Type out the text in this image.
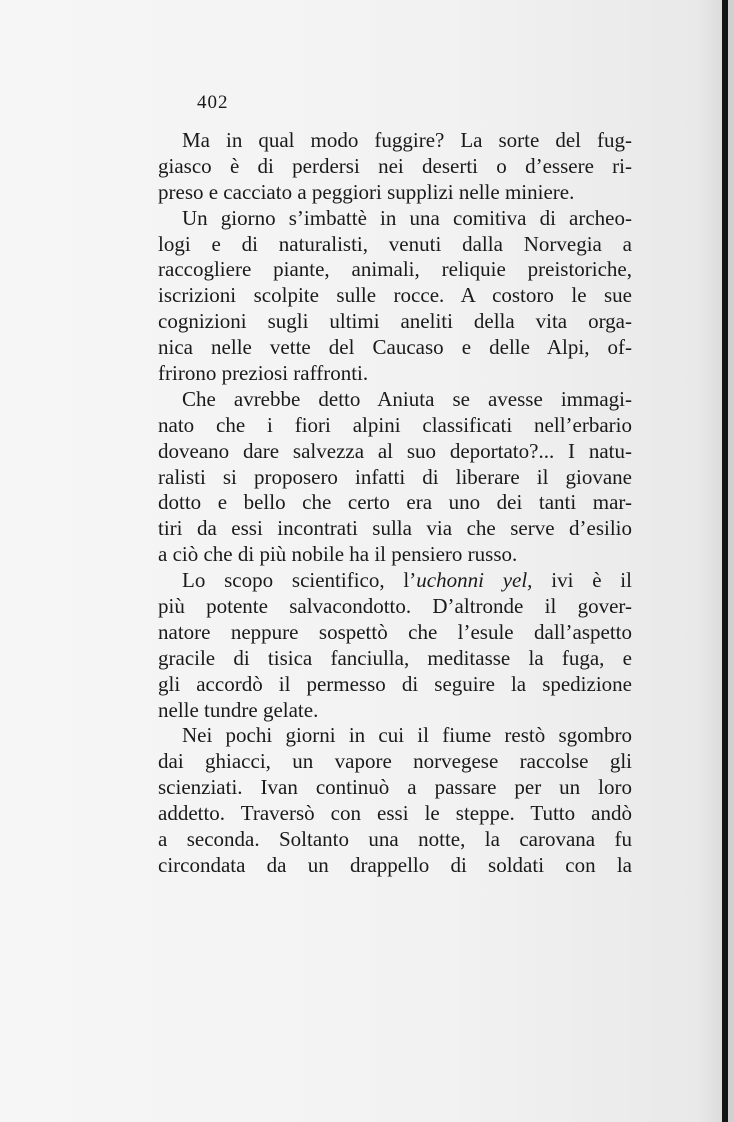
402
Ma in qual modo fuggire? La sorte del fug-
giasco è di perdersi nei deserti o d’essere ri-
preso e cacciato a peggiori supplizi nelle miniere.
Un giorno s’imbattè in una comitiva di archeo-
logi e di naturalisti, venuti dalla Norvegia a
raccogliere piante, animali, reliquie preistoriche,
iscrizioni scolpite sulle rocce. A costoro le sue
cognizioni sugli ultimi aneliti della vita orga-
nica nelle vette del Caucaso e delle Alpi, of-
frirono preziosi raffronti.
Che avrebbe detto Aniuta se avesse immagi-
nato che i fiori alpini classificati nell’erbario
doveano dare salvezza al suo deportato?... I natu-
ralisti si proposero infatti di liberare il giovane
dotto e bello che certo era uno dei tanti mar-
tiri da essi incontrati sulla via che serve d’esilio
a ciò che di più nobile ha il pensiero russo.
Lo scopo scientifico, l’uchonni yel, ivi è il
più potente salvacondotto. D’altronde il gover-
natore neppure sospettò che l’esule dall’aspetto
gracile di tisica fanciulla, meditasse la fuga, e
gli accordò il permesso di seguire la spedizione
nelle tundre gelate.
Nei pochi giorni in cui il fiume restò sgombro
dai ghiacci, un vapore norvegese raccolse gli
scienziati. Ivan continuò a passare per un loro
addetto. Traversò con essi le steppe. Tutto andò
a seconda. Soltanto una notte, la carovana fu
circondata da un drappello di soldati con la
